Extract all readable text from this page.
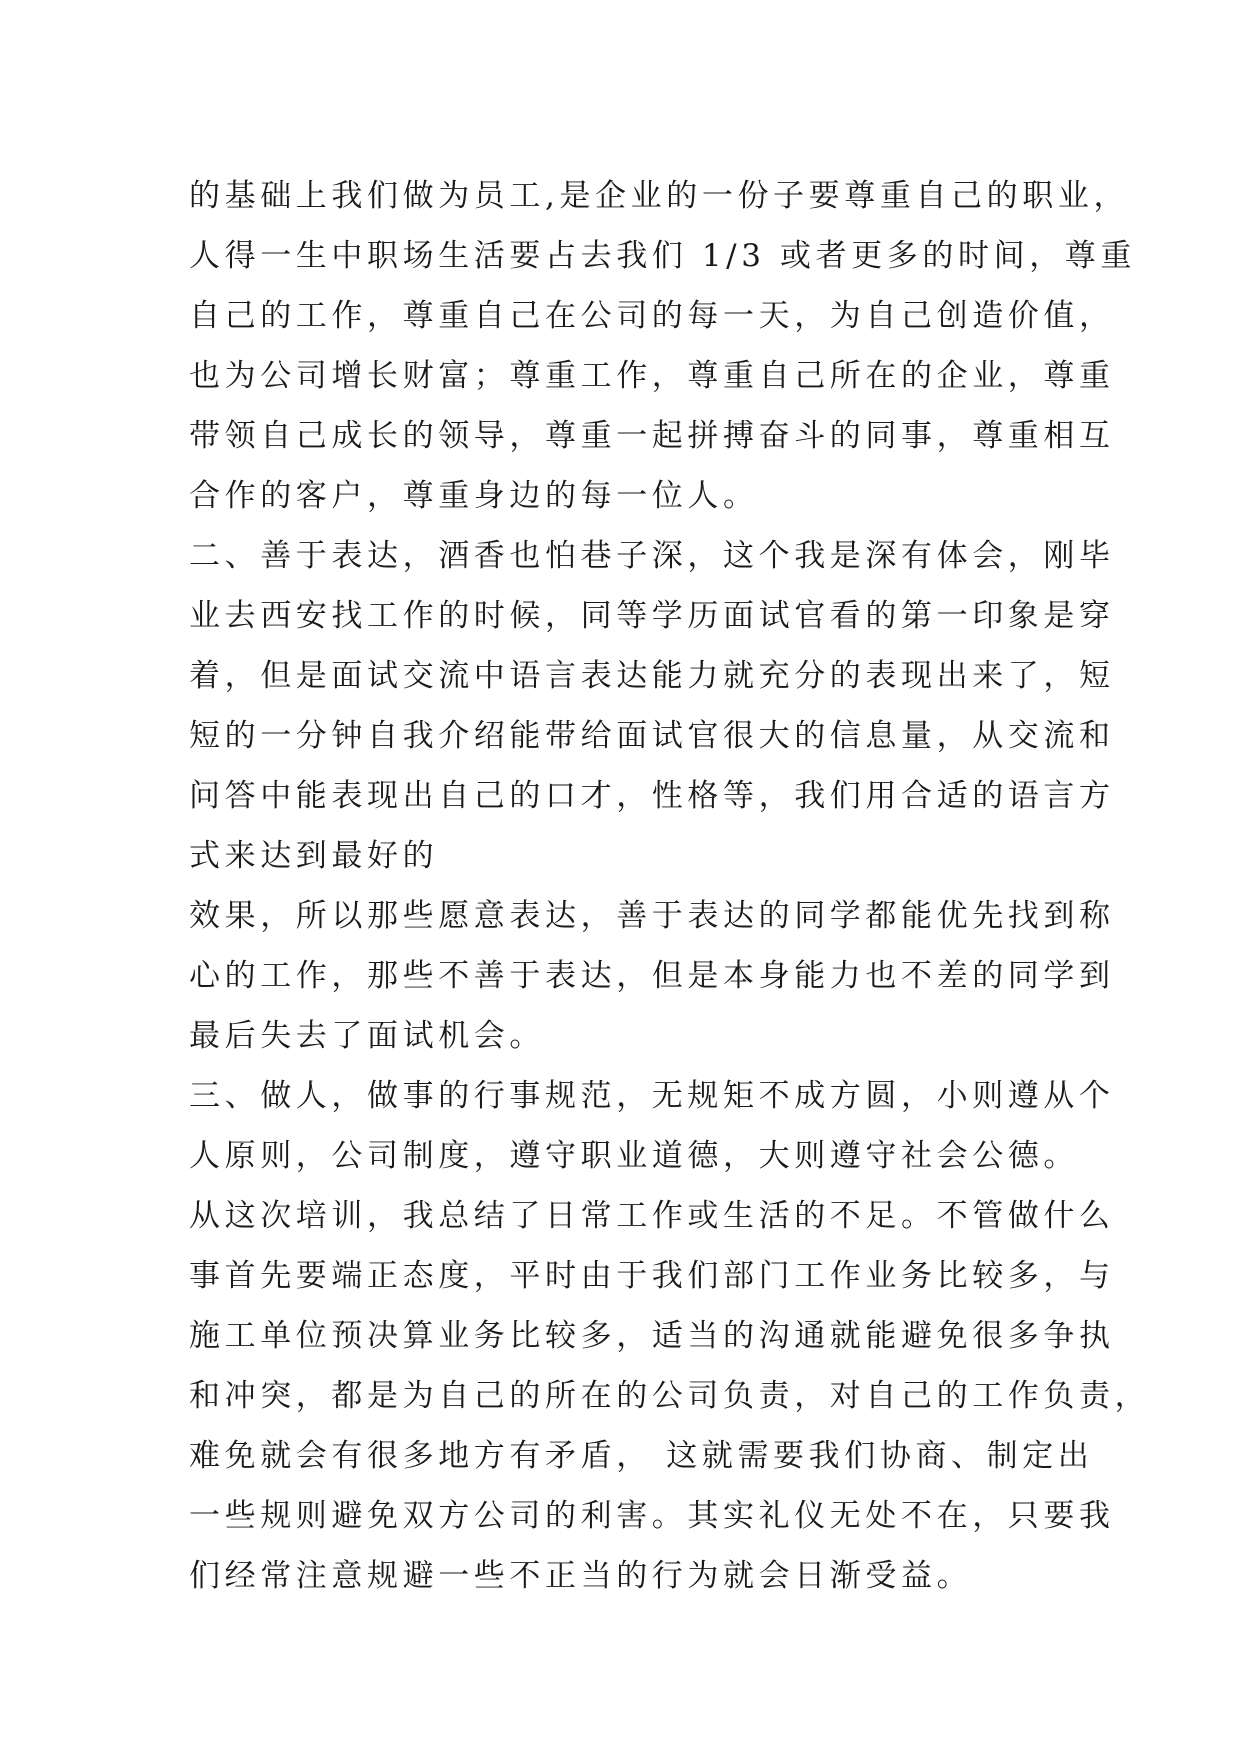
的基础上我们做为员工,是企业的一份子要尊重自己的职业，
人得一生中职场生活要占去我们 1/3 或者更多的时间，尊重
自己的工作，尊重自己在公司的每一天，为自己创造价值，
也为公司增长财富；尊重工作，尊重自己所在的企业，尊重
带领自己成长的领导，尊重一起拼搏奋斗的同事，尊重相互
合作的客户，尊重身边的每一位人。
二、善于表达，酒香也怕巷子深，这个我是深有体会，刚毕
业去西安找工作的时候，同等学历面试官看的第一印象是穿
着，但是面试交流中语言表达能力就充分的表现出来了，短
短的一分钟自我介绍能带给面试官很大的信息量，从交流和
问答中能表现出自己的口才，性格等，我们用合适的语言方
式来达到最好的
效果，所以那些愿意表达，善于表达的同学都能优先找到称
心的工作，那些不善于表达，但是本身能力也不差的同学到
最后失去了面试机会。
三、做人，做事的行事规范，无规矩不成方圆，小则遵从个
人原则，公司制度，遵守职业道德，大则遵守社会公德。
从这次培训，我总结了日常工作或生活的不足。不管做什么
事首先要端正态度，平时由于我们部门工作业务比较多，与
施工单位预决算业务比较多，适当的沟通就能避免很多争执
和冲突，都是为自己的所在的公司负责，对自己的工作负责，
难免就会有很多地方有矛盾， 这就需要我们协商、制定出
一些规则避免双方公司的利害。其实礼仪无处不在，只要我
们经常注意规避一些不正当的行为就会日渐受益。
